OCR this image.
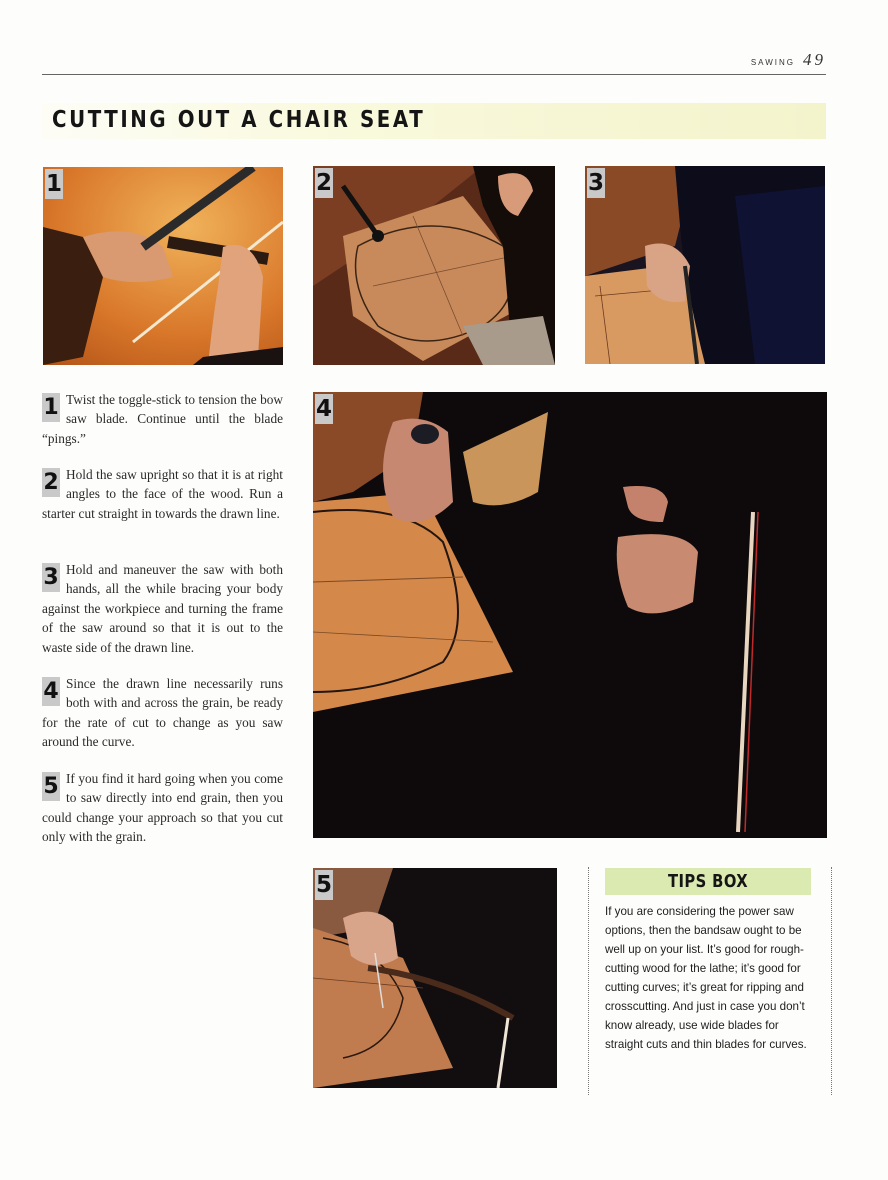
SAWING 49
CUTTING OUT A CHAIR SEAT
1	2	3
4
5
1 Twist the toggle-stick to tension the bow saw blade. Continue until the blade “pings.”
2 Hold the saw upright so that it is at right angles to the face of the wood. Run a starter cut straight in towards the drawn line.
3 Hold and maneuver the saw with both hands, all the while bracing your body against the workpiece and turning the frame of the saw around so that it is out to the waste side of the drawn line.
4 Since the drawn line necessarily runs both with and across the grain, be ready for the rate of cut to change as you saw around the curve.
5 If you find it hard going when you come to saw directly into end grain, then you could change your approach so that you cut only with the grain.
TIPS BOX
If you are considering the power saw options, then the bandsaw ought to be well up on your list. It’s good for rough-cutting wood for the lathe; it’s good for cutting curves; it’s great for ripping and crosscutting. And just in case you don’t know already, use wide blades for straight cuts and thin blades for curves.
